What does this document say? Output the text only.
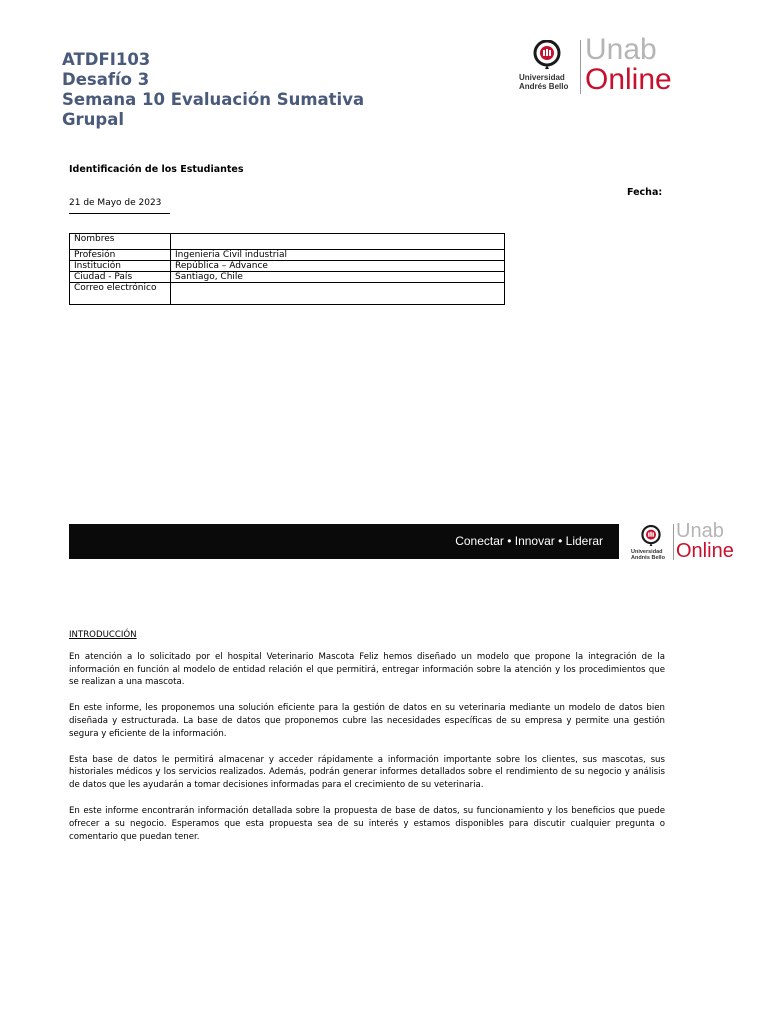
ATDFI103
Desafío 3
Semana 10 Evaluación Sumativa
Grupal
Universidad
Andrés Bello
Unab
Online
Identificación de los Estudiantes
Fecha:
21 de Mayo de 2023
Nombres	
Profesión	Ingenieria Civil industrial
Institución	República – Advance
Ciudad - País	Santiago, Chile
Correo electrónico	
Conectar • Innovar • Liderar
Universidad
Andrés Bello
Unab
Online
INTRODUCCIÓN

En atención a lo solicitado por el hospital Veterinario Mascota Feliz hemos diseñado un modelo que propone la integración de la información en función al modelo de entidad relación el que permitirá, entregar información sobre la atención y los procedimientos que se realizan a una mascota.

En este informe, les proponemos una solución eficiente para la gestión de datos en su veterinaria mediante un modelo de datos bien diseñada y estructurada. La base de datos que proponemos cubre las necesidades específicas de su empresa y permite una gestión segura y eficiente de la información.

Esta base de datos le permitirá almacenar y acceder rápidamente a información importante sobre los clientes, sus mascotas, sus historiales médicos y los servicios realizados. Además, podrán generar informes detallados sobre el rendimiento de su negocio y análisis de datos que les ayudarán a tomar decisiones informadas para el crecimiento de su veterinaria.

En este informe encontrarán información detallada sobre la propuesta de base de datos, su funcionamiento y los beneficios que puede ofrecer a su negocio. Esperamos que esta propuesta sea de su interés y estamos disponibles para discutir cualquier pregunta o comentario que puedan tener.
